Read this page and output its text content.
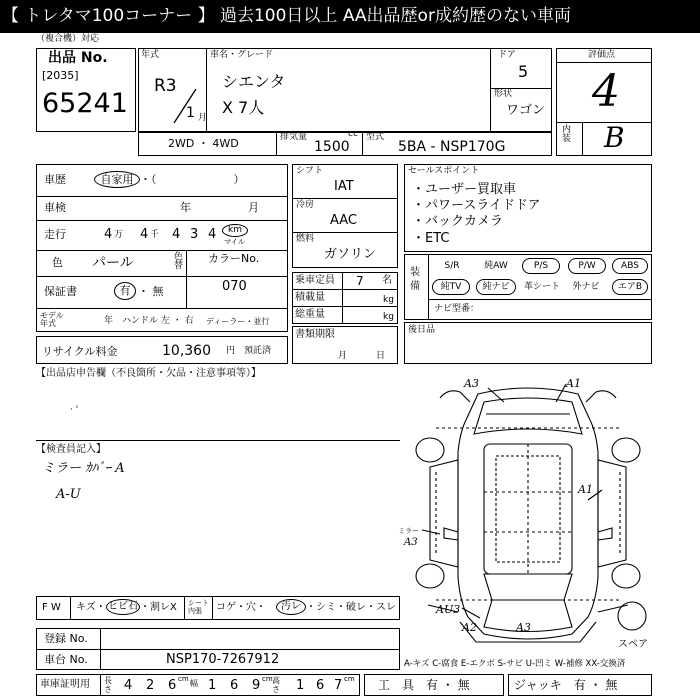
【 トレタマ100コーナー 】 過去100日以上 AA出品歴or成約歴のない車両
（複合機）対応
出品 No.
[2035]
65241
年式
R3
1 月
車名・グレード
シエンタ
X 7人
ドア
5
形状
ワゴン
2WD ・ 4WD	排気量	cc
1500
型式
5BA - NSP170G
評価点
4
内装 B
車歴	自家用 ・（　　　　　　　）
車検	年	月
走行	4 万 4 千 4 3 4	km
マイル
色 パール	色替
カラーNo.
070
保証書	有 ・ 無
モデル年式	年 ハンドル 左 ・ 右 ディーラー・並行
リサイクル料金	10,360 円 預託済
シフト
IAT
冷房
AAC
燃料
ガソリン
乗車定員 7 名
積載量	kg
総重量	kg
書類期限
月	日
セールスポイント
・ユーザー買取車
・パワースライドドア
・バックカメラ
・ETC
装備
S/R	純AW	P/S	P/W	ABS
純TV	純ナビ	革シート	外ナビ	エアB
ナビ型番：
後日品
【出品店申告欄（不良箇所・欠品・注意事項等）】
· '
【検査員記入】
ミラー ｶﾊﾞｰ A
A-U
A3	A1
A1
ミラー
A3
AU3
A2	A3
スペア
F W キズ・ ヒビ石 ・割レX シート内張	コゲ・穴・	汚レ ・シミ・破レ・スレ
登録 No.
車台 No.	NSP170-7267912	A-キズ C-腐食 E-エクボ S-サビ U-凹ミ W-補修 XX-交換済
車庫証明用 長さ 4 2 6 cm 幅 1 6 9 cm 高さ 1 6 7 cm 工　具　有 ・ 無	ジャッキ　有 ・ 無
